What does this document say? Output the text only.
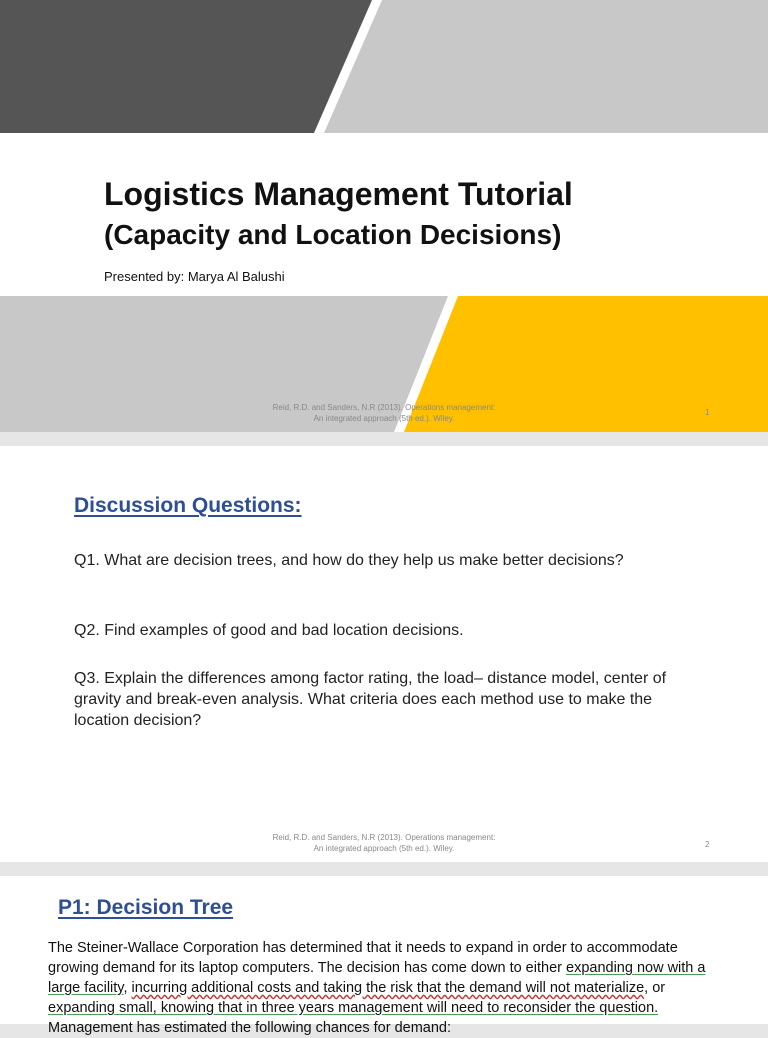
Logistics Management Tutorial
(Capacity and Location Decisions)
Presented by: Marya Al Balushi
Reid, R.D. and Sanders, N.R (2013). Operations management:
An integrated approach (5th ed.). Wiley.
1
Discussion Questions:
Q1. What are decision trees, and how do they help us make better decisions?
Q2. Find examples of good and bad location decisions.
Q3. Explain the differences among factor rating, the load– distance model, center of gravity and break-even analysis. What criteria does each method use to make the location decision?
Reid, R.D. and Sanders, N.R (2013). Operations management:
An integrated approach (5th ed.). Wiley.	2
P1: Decision Tree
The Steiner-Wallace Corporation has determined that it needs to expand in order to accommodate growing demand for its laptop computers. The decision has come down to either expanding now with a large facility, incurring additional costs and taking the risk that the demand will not materialize, or expanding small, knowing that in three years management will need to reconsider the question. Management has estimated the following chances for demand:
